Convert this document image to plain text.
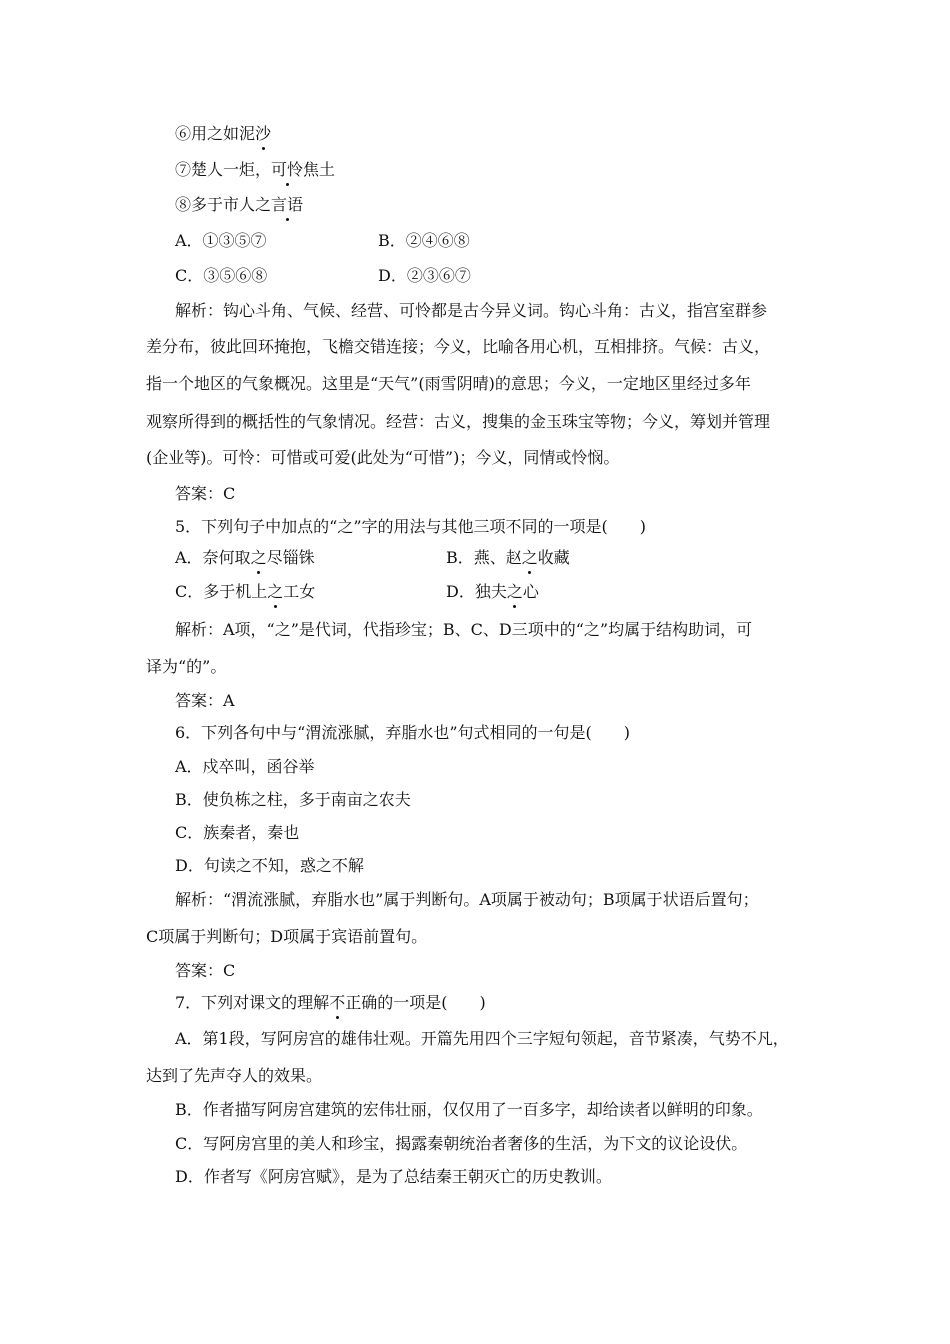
⑥用之如泥沙
⑦楚人一炬，可怜焦土
⑧多于市人之言语
A．①③⑤⑦	B．②④⑥⑧
C．③⑤⑥⑧	D．②③⑥⑦
解析：钩心斗角、气候、经营、可怜都是古今异义词。钩心斗角：古义，指宫室群参
差分布，彼此回环掩抱，飞檐交错连接；今义，比喻各用心机，互相排挤。气候：古义，
指一个地区的气象概况。这里是“天气”(雨雪阴晴)的意思；今义，一定地区里经过多年
观察所得到的概括性的气象情况。经营：古义，搜集的金玉珠宝等物；今义，筹划并管理
(企业等)。可怜：可惜或可爱(此处为“可惜”)；今义，同情或怜悯。
答案：C
5．下列句子中加点的“之”字的用法与其他三项不同的一项是(　　)
A．奈何取之尽锱铢	B．燕、赵之收藏
C．多于机上之工女	D．独夫之心
解析：A项，“之”是代词，代指珍宝；B、C、D三项中的“之”均属于结构助词，可
译为“的”。
答案：A
6．下列各句中与“渭流涨腻，弃脂水也”句式相同的一句是(　　)
A．戍卒叫，函谷举
B．使负栋之柱，多于南亩之农夫
C．族秦者，秦也
D．句读之不知，惑之不解
解析：“渭流涨腻，弃脂水也”属于判断句。A项属于被动句；B项属于状语后置句；
C项属于判断句；D项属于宾语前置句。
答案：C
7．下列对课文的理解不正确的一项是(　　)
A．第1段，写阿房宫的雄伟壮观。开篇先用四个三字短句领起，音节紧凑，气势不凡，
达到了先声夺人的效果。
B．作者描写阿房宫建筑的宏伟壮丽，仅仅用了一百多字，却给读者以鲜明的印象。
C．写阿房宫里的美人和珍宝，揭露秦朝统治者奢侈的生活，为下文的议论设伏。
D．作者写《阿房宫赋》，是为了总结秦王朝灭亡的历史教训。
